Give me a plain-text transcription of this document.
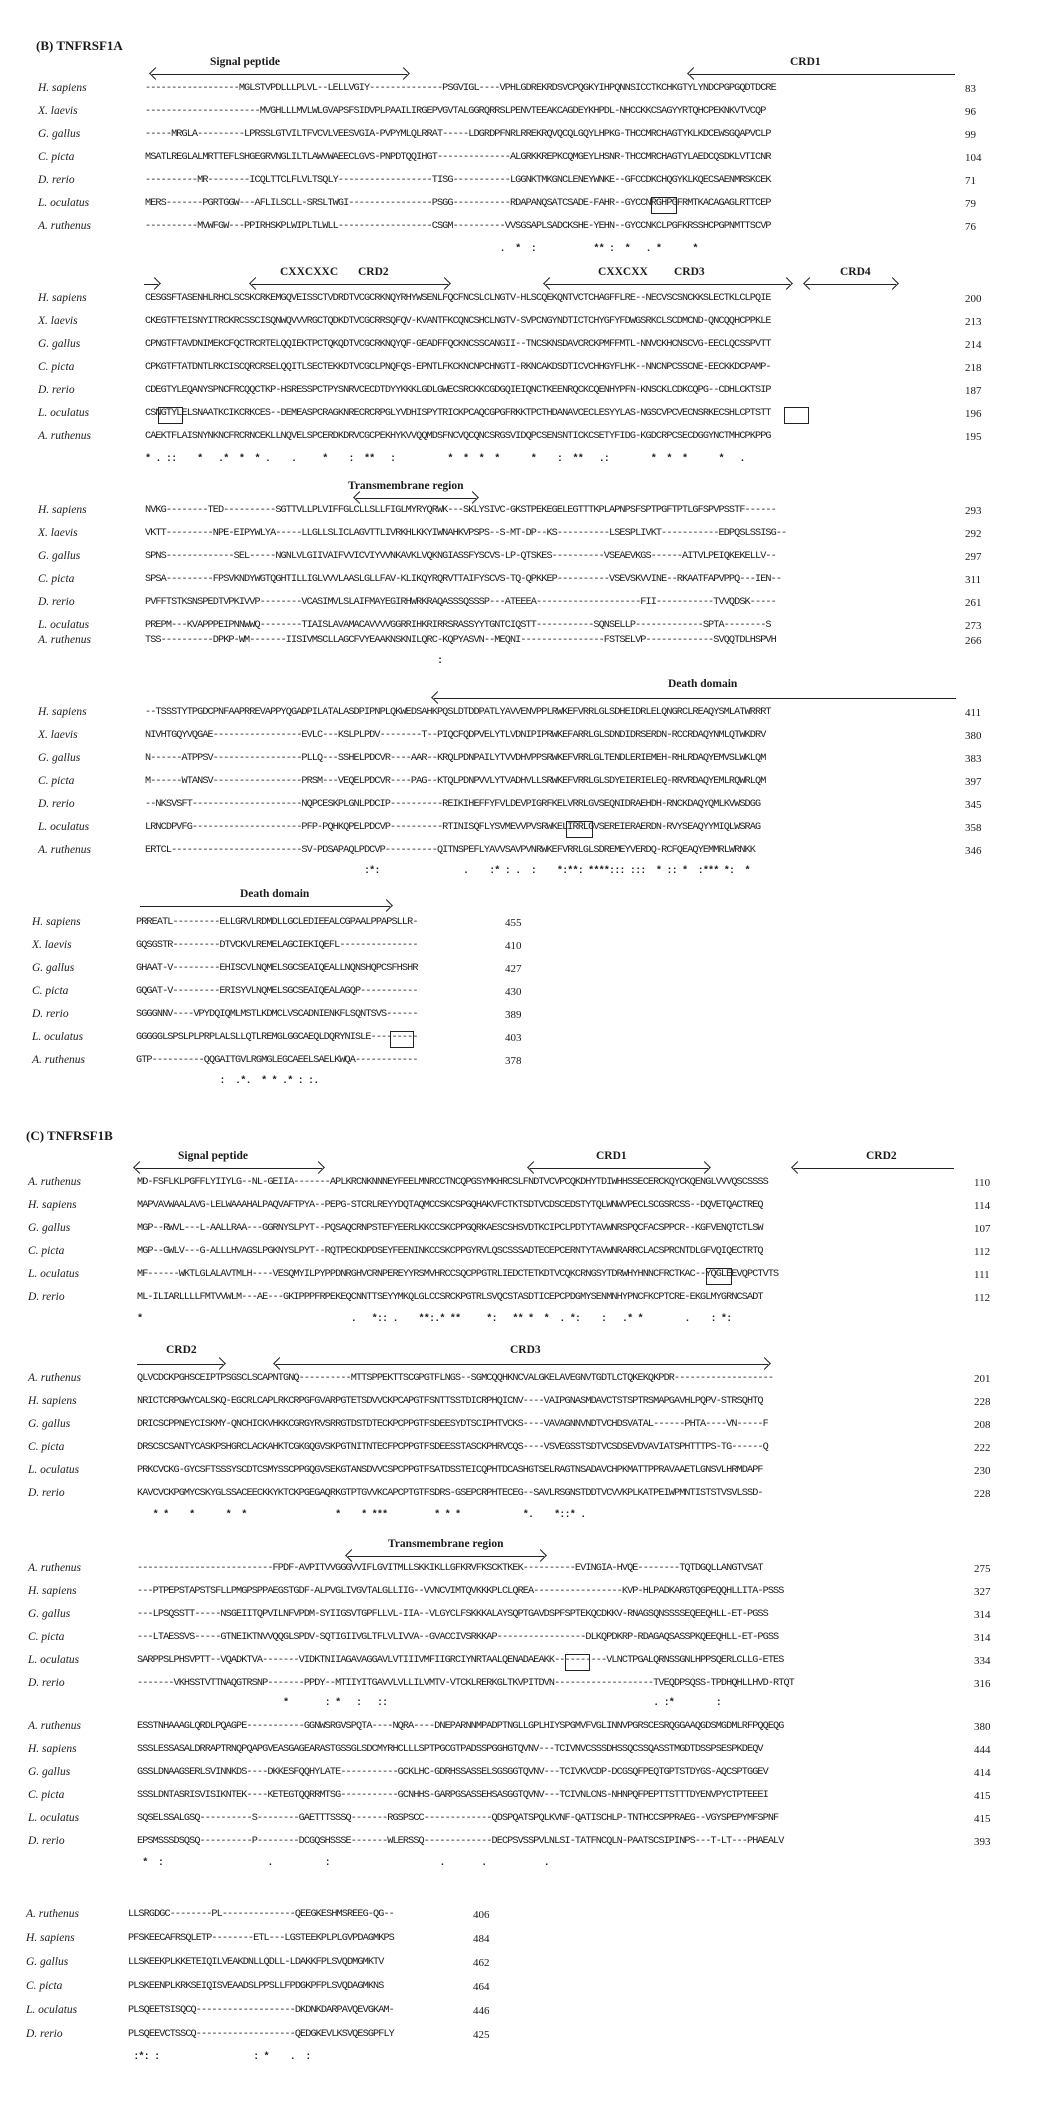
(B) TNFRSF1A
Signal peptide	CRD1
H. sapiens	------------------MGLSTVPDLLLPLVL--LELLVGIY--------------PSGVIGL----VPHLGDREKRDSVCPQGKYIHPQNNSICCTKCHKGTYLYNDCPGPGQDTDCRE	83
X. laevis	----------------------MVGHLLLMVLWLGVAPSFSIDVPLPAAILIRGEPVGVTALGGRQRRSLPENVTEEAKCAGDEYKHPDL-NHCCKKCSAGYYRTQHCPEKNKVTVCQP	96
G. gallus	-----MRGLA---------LPRSSLGTVILTFVCVLVEESVGIA-PVPYMLQLRRAT-----LDGRDPFNRLRREKRQVQCQLGQYLHPKG-THCCMRCHAGTYKLKDCEWSGQAPVCLP	99
C. picta	MSATLREGLALMRTTEFLSHGEGRVNGLILTLAWVWAEECLGVS-PNPDTQQIHGT--------------ALGRKKREPKCQMGEYLHSNR-THCCMRCHAGTYLAEDCQSDKLVTICNR	104
D. rerio	----------MR--------ICQLTTCLFLVLTSQLY------------------TISG-----------LGGNKTMKGNCLENEYWNKE--GFCCDKCHQGYKLKQECSAENMRSKCEK	71
L. oculatus	MERS-------PGRTGGW---AFLILSCLL-SRSLTWGI----------------PSGG-----------RDAPANQSATCSADE-FAHR--GYCCNRGHPGFRMTKACAGAGLRTTCEP	79
A. ruthenus	----------MVWFGW---PPIRHSKPLWIPLTLWLL------------------CSGM----------VVSGSAPLSADCKSHE-YEHN--GYCCNKCLPGFKRSSHCPGPNMTTSCVP	76
.  *  :           ** :  *   . *      *
CXXCXXC CRD2	CXXCXX CRD3	CRD4
H. sapiens	CESGSFTASENHLRHCLSCSKCRKEMGQVEISSCTVDRDTVCGCRKNQYRHYWSENLFQCFNCSLCLNGTV-HLSCQEKQNTVCTCHAGFFLRE--NECVSCSNCKKSLECTKLCLPQIE	200
X. laevis	CKEGTFTEISNYITRCKRCSSCISQNWQVVVRGCTQDKDTVCGCRRSQFQV-KVANTFKCQNCSHCLNGTV-SVPCNGYNDTICTCHYGFYFDWGSRKCLSCDMCND-QNCQQHCPPKLE	213
G. gallus	CPNGTFTAVDNIMEKCFQCTRCRTELQQIEKTPCTQKQDTVCGCRKNQYQF-GEADFFQCKNCSSCANGII--TNCSKNSDAVCRCKPMFFMTL-NNVCKHCNSCVG-EECLQCSSPVTT	214
C. picta	CPKGTFTATDNTLRKCISCQRCRSELQQITLSECTEKKDTVCGCLPNQFQS-EPNTLFKCKNCNPCHNGTI-RKNCAKDSDTICVCHHGYFLHK--NNCNPCSSCNE-EECKKDCPAMP-	218
D. rerio	CDEGTYLEQANYSPNCFRCQQCTKP-HSRESSPCTPYSNRVCECDTDYYKKKLGDLGWECSRCKKCGDGQIEIQNCTKEENRQCKCQENHYPFN-KNSCKLCDKCQPG--CDHLCKTSIP	187
L. oculatus	CSNGTYLELSNAATKCIKCRKCES--DEMEASPCRAGKNRECRCRPGLYVDHISPYTRICKPCAQCGPGFRKKTPCTHDANAVCECLESYYLAS-NGSCVPCVECNSRKECSHLCPTSTT	196
A. ruthenus	CAEKTFLAISNYNKNCFRCRNCEKLLNQVELSPCERDKDRVCGCPEKHYKVVQQMDSFNCVQCQNCSRGSVIDQPCSENSNTICKCSETYFIDG-KGDCRPCSECDGGYNCTMHCPKPPG	195
* . ::    *   .*  *  * .    .     *    :  **   :          *  *  *  *      *    :  **   .:        *  *  *      *   .
Transmembrane region
H. sapiens	NVKG--------TED----------SGTTVLLPLVIFFGLCLLSLLFIGLMYRYQRWK---SKLYSIVC-GKSTPEKEGELEGTTTKPLAPNPSFSPTPGFTPTLGFSPVPSSTF------	293
X. laevis	VKTT---------NPE-EIPYWLYA-----LLGLLSLICLAGVTTLIVRKHLKKYIWNAHKVPSPS--S-MT-DP--KS----------LSESPLIVKT-----------EDPQSLSSISG--	292
G. gallus	SPNS-------------SEL-----NGNLVLGIIVAIFVVICVIYVVNKAVKLVQKNGIASSFYSCVS-LP-QTSKES----------VSEAEVKGS------AITVLPEIQKEKELLV--	297
C. picta	SPSA---------FPSVKNDYWGTQGHTILLIGLVVVLAASLGLLFAV-KLIKQYRQRVTTAIFYSCVS-TQ-QPKKEP----------VSEVSKVVINE--RKAATFAPVPPQ---IEN--	311
D. rerio	PVFFTSTKSNSPEDTVPKIVVP--------VCASIMVLSLAIFMAYEGIRHWRKRAQASSSQSSSP---ATEEEA--------------------FII-----------TVVQDSK-----	261
L. oculatus	PREPM---KVAPPPEIPNNWWQ--------TIAISLAVAMACAVVVVGGRRIHKRIRRSRASSYYTGNTCIQSTT-----------SQNSELLP-------------SPTA--------S	273
A. ruthenus	TSS----------DPKP-WM-------IISIVMSCLLAGCFVYEAAKNSKNILQRC-KQPYASVN--MEQNI----------------FSTSELVP-------------SVQQTDLHSPVH	266
:
Death domain
H. sapiens	--TSSSTYTPGDCPNFAAPRREVAPPYQGADPILATALASDPIPNPLQKWEDSAHKPQSLDTDDPATLYAVVENVPPLRWKEFVRRLGLSDHEIDRLELQNGRCLREAQYSMLATWRRRT	411
X. laevis	NIVHTGQYVQGAE-----------------EVLC---KSLPLPDV--------T--PIQCFQDPVELYTLVDNIPIPRWKEFARRLGLSDNDIDRSERDN-RCCRDAQYNMLQTWKDRV	380
G. gallus	N------ATPPSV-----------------PLLQ---SSHELPDCVR----AAR--KRQLPDNPAILYTVVDHVPPSRWKEFVRRLGLTENDLERIEMEH-RHLRDAQYEMVSLWKLQM	383
C. picta	M------WTANSV-----------------PRSM---VEQELPDCVR----PAG--KTQLPDNPVVLYTVADHVLLSRWKEFVRRLGLSDYEIERIELEQ-RRVRDAQYEMLRQWRLQM	397
D. rerio	--NKSVSFT---------------------NQPCESKPLGNLPDCIP----------REIKIHEFFYFVLDEVPIGRFKELVRRLGVSEQNIDRAEHDH-RNCKDAQYQMLKVWSDGG	345
L. oculatus	LRNCDPVFG---------------------PFP-PQHKQPELPDCVP----------RTINISQFLYSVMEVVPVSRWKELIRRLGVSEREIERAERDN-RVYSEAQYYMIQLWSRAG	358
A. ruthenus	ERTCL-------------------------SV-PDSAPAQLPDCVP----------QITNSPEFLYAVVSAVPVNRWKEFVRRLGLSDREMEYVERDQ-RCFQEAQYEMMRLWRNKK	346
:*:                .    :* : .  :    *:**: ****::: :::  * :: *  :*** *:  *
Death domain
H. sapiens	PRREATL---------ELLGRVLRDMDLLGCLEDIEEALCGPAALPPAPSLLR-	455
X. laevis	GQSGSTR---------DTVCKVLREMELAGCIEKIQEFL---------------	410
G. gallus	GHAAT-V---------EHISCVLNQMELSGCSEAIQEALLNQNSHQPCSFHSHR	427
C. picta	GQGAT-V---------ERISYVLNQMELSGCSEAIQEALAGQP-----------	430
D. rerio	SGGGNNV----VPYDQIQMLMSTLKDMCLVSCADNIENKFLSQNTSVS------	389
L. oculatus	GGGGGLSPSLPLPRPLALSLLQTLREMGLGGCAEQLDQRYNISLE---------	403
A. ruthenus	GTP----------QQGAITGVLRGMGLEGCAEELSAELKWQA------------	378
:  .*.  * * .* : :.
(C) TNFRSF1B
Signal peptide	CRD1	CRD2
A. ruthenus	MD-FSFLKLPGFFLYIIYLG--NL-GEIIA-------APLKRCNKNNNEYFEELMNRCCTNCQPGSYMKHRCSLFNDTVCVPCQKDHYTDIWHHSSECERCKQYCKQENGLVVVQSCSSSS	110
H. sapiens	MAPVAVWAALAVG-LELWAAAHALPAQVAFTPYA--PEPG-STCRLREYYDQTAQMCCSKCSPGQHAKVFCTKTSDTVCDSCEDSTYTQLWNWVPECLSCGSRCSS--DQVETQACTREQ	114
G. gallus	MGP--RWVL---L-AALLRAA---GGRNYSLPYT--PQSAQCRNPSTEFYEERLKKCCSKCPPGQRKAESCSHSVDTKCIPCLPDTYTAVWNRSPQCFACSPPCR--KGFVENQTCTLSW	107
C. picta	MGP--GWLV---G-ALLLHVAGSLPGKNYSLPYT--RQTPECKDPDSEYFEENINKCCSKCPPGYRVLQSCSSSADTECEPCERNTYTAVWNRARRCLACSPRCNTDLGFVQIQECTRTQ	112
L. oculatus	MF------WKTLGLALAVTMLH----VESQMYILPYPPDNRGHVCRNPEREYYRSMVHRCCSQCPPGTRLIEDCTETKDTVCQKCRNGSYTDRWHYHNNCFRCTKAC--YQGLEEVQPCTVTS	111
D. rerio	ML-ILIARLLLLFMTVVWLM---AE---GKIPPPFRPEKEQCNNTTSEYYMKQLGLCCSRCKPGTRLSVQCSTASDTICEPCPDGMYSENMNHYPNCFKCPTCRE-EKGLMYGRNCSADT	112
*                                        .   *:: .    **:.* **     *:   ** *  *  . *:    :   .* *        .    : *:
CRD2	CRD3
A. ruthenus	QLVCDCKPGHSCEIPTPSGSCLSCAPNTGNQ----------MTTSPPEKTTSCGPGTFLNGS--SGMCQQHKNCVALGKELAVEGNVTGDTLCTQKEKQKPDR-------------------	201
H. sapiens	NRICTCRPGWYCALSKQ-EGCRLCAPLRKCRPGFGVARPGTETSDVVCKPCAPGTFSNTTSSTDICRPHQICNV----VAIPGNASMDAVCTSTSPTRSMAPGAVHLPQPV-STRSQHTQ	228
G. gallus	DRICSCPPNEYCISKMY-QNCHICKVHKKCGRGYRVSRRGTDSTDTECKPCPPGTFSDEESYDTSCIPHTVCKS----VAVAGNNVNDTVCHDSVATAL------PHTA----VN-----F	208
C. picta	DRSCSCSANTYCASKPSHGRCLACKAHKTCGKGQGVSKPGTNITNTECFPCPPGTFSDEESSTASCKPHRVCQS----VSVEGSSTSDTVCSDSEVDVAVIATSPHTTTPS-TG------Q	222
L. oculatus	PRKCVCKG-GYCSFTSSSYSCDTCSMYSSCPPGQGVSEKGTANSDVVCSPCPPGTFSATDSSTEICQPHTDCASHGTSELRAGTNSADAVCHPKMATTPPRAVAAETLGNSVLHRMDAPF	230
D. rerio	KAVCVCKPGMYCSKYGLSSACEECKKYKTCKPGEGAQRKGTPTGVVKCAPCPTGTFSDRS-GSEPCRPHTECEG--SAVLRSGNSTDDTVCVVKPLKATPEIWPMNTISTSTVSVLSSD-	228
* *    *      *  *                 *    * ***         * * *            *.    *::* .
Transmembrane region
A. ruthenus	--------------------------FPDF-AVPITVVGGGVVIFLGVITMLLSKKIKLLGFKRVFKSCKTKEK----------EVINGIA-HVQE--------TQTDGQLLANGTVSAT	275
H. sapiens	---PTPEPSTAPSTSFLLPMGPSPPAEGSTGDF-ALPVGLIVGVTALGLLIIG--VVNCVIMTQVKKKPLCLQREA-----------------KVP-HLPADKARGTQGPEQQHLLITA-PSSS	327
G. gallus	---LPSQSSTT-----NSGEIITQPVILNFVPDM-SYIIGSVTGPFLLVL-IIA--VLGYCLFSKKKALAYSQPTGAVDSPFSPTEKQCDKKV-RNAGSQNSSSSEQEEQHLL-ET-PGSS	314
C. picta	---LTAESSVS-----GTNEIKTNVVQQGLSPDV-SQTIGIIVGLTFLVLIVVA--GVACCIVSRKKAP-----------------DLKQPDKRP-RDAGAQSASSPKQEEQHLL-ET-PGSS	314
L. oculatus	SARPPSLPHSVPTT--VQADKTVA-------VIDKTNIIAGAVAGGAVLVTIIIVMFIIGRCIYNRTAALQENADAEAKK----------VLNCTPGALQRNSSGNLHPPSQERLCLLG-ETES	334
D. rerio	-------VKHSSTVTTNAQGTRSNP-------PPDY--MTIIYITGAVVLVLLILVMTV-VTCKLRERKGLTKVPITDVN-------------------TVEQDPSQSS-TPDHQHLLHVD-RTQT	316
*       : *   :   ::                                                   . :*        :
A. ruthenus	ESSTNHAAAGLQRDLPQAGPE-----------GGNWSRGVSPQTA----NQRA----DNEPARNNMPADPTNGLLGPLHIYSPGMVFVGLINNVPGRSCESRQGGAAQGDSMGDMLRFPQQEQG	380
H. sapiens	SSSLESSASALDRRAPTRNQPQAPGVEASGAGEARASTGSSGLSDCMYRHCLLLSPTPGCGTPADSSPGGHGTQVNV---TCIVNVCSSSDHSSQCSSQASSTMGDTDSSPSESPKDEQV	444
G. gallus	GSSLDNAAGSERLSVINNKDS----DKKESFQQHYLATE-----------GCKLHC-GDRHSSASSELSGSGGTQVNV---TCIVKVCDP-DCGSQFPEQTGPTSTDYGS-AQCSPTGGEV	414
C. picta	SSSLDNTASRISVISIKNTEK----KETEGTQQRRMTSG-----------GCNHHS-GARPGSASSEHSASGGTQVNV---TCIVNLCNS-NHNPQFPEPTTSTTTDYENVPYCTPTEEEI	415
L. oculatus	SQSELSSALGSQ----------S--------GAETTTSSSQ-------RGSPSCC-------------QDSPQATSPQLKVNF-QATISCHLP-TNTHCCSPPRAEG--VGYSPEPYMFSPNF	415
D. rerio	EPSMSSSDSQSQ----------P--------DCGQSHSSSE-------WLERSSQ-------------DECPSVSSPVLNLSI-TATFNCQLN-PAATSCSIPINPS---T-LT---PHAEALV	393
*  :                    .          :                     .       .           .
A. ruthenus	LLSRGDGC--------PL--------------QEEGKESHMSREEG-QG--	406
H. sapiens	PFSKEECAFRSQLETP--------ETL---LGSTEEKPLPLGVPDAGMKPS	484
G. gallus	LLSKEEKPLKKETEIQILVEAKDNLLQDLL-LDAKKFPLSVQDMGMKTV	462
C. picta	PLSKEENPLKRKSEIQISVEAADSLPPSLLFPDGKPFPLSVQDAGMKNS	464
L. oculatus	PLSQEETSISQCQ-------------------DKDNKDARPAVQEVGKAM-	446
D. rerio	PLSQEEVCTSSCQ-------------------QEDGKEVLKSVQESGPFLY	425
:*: :                  : *    .  :
